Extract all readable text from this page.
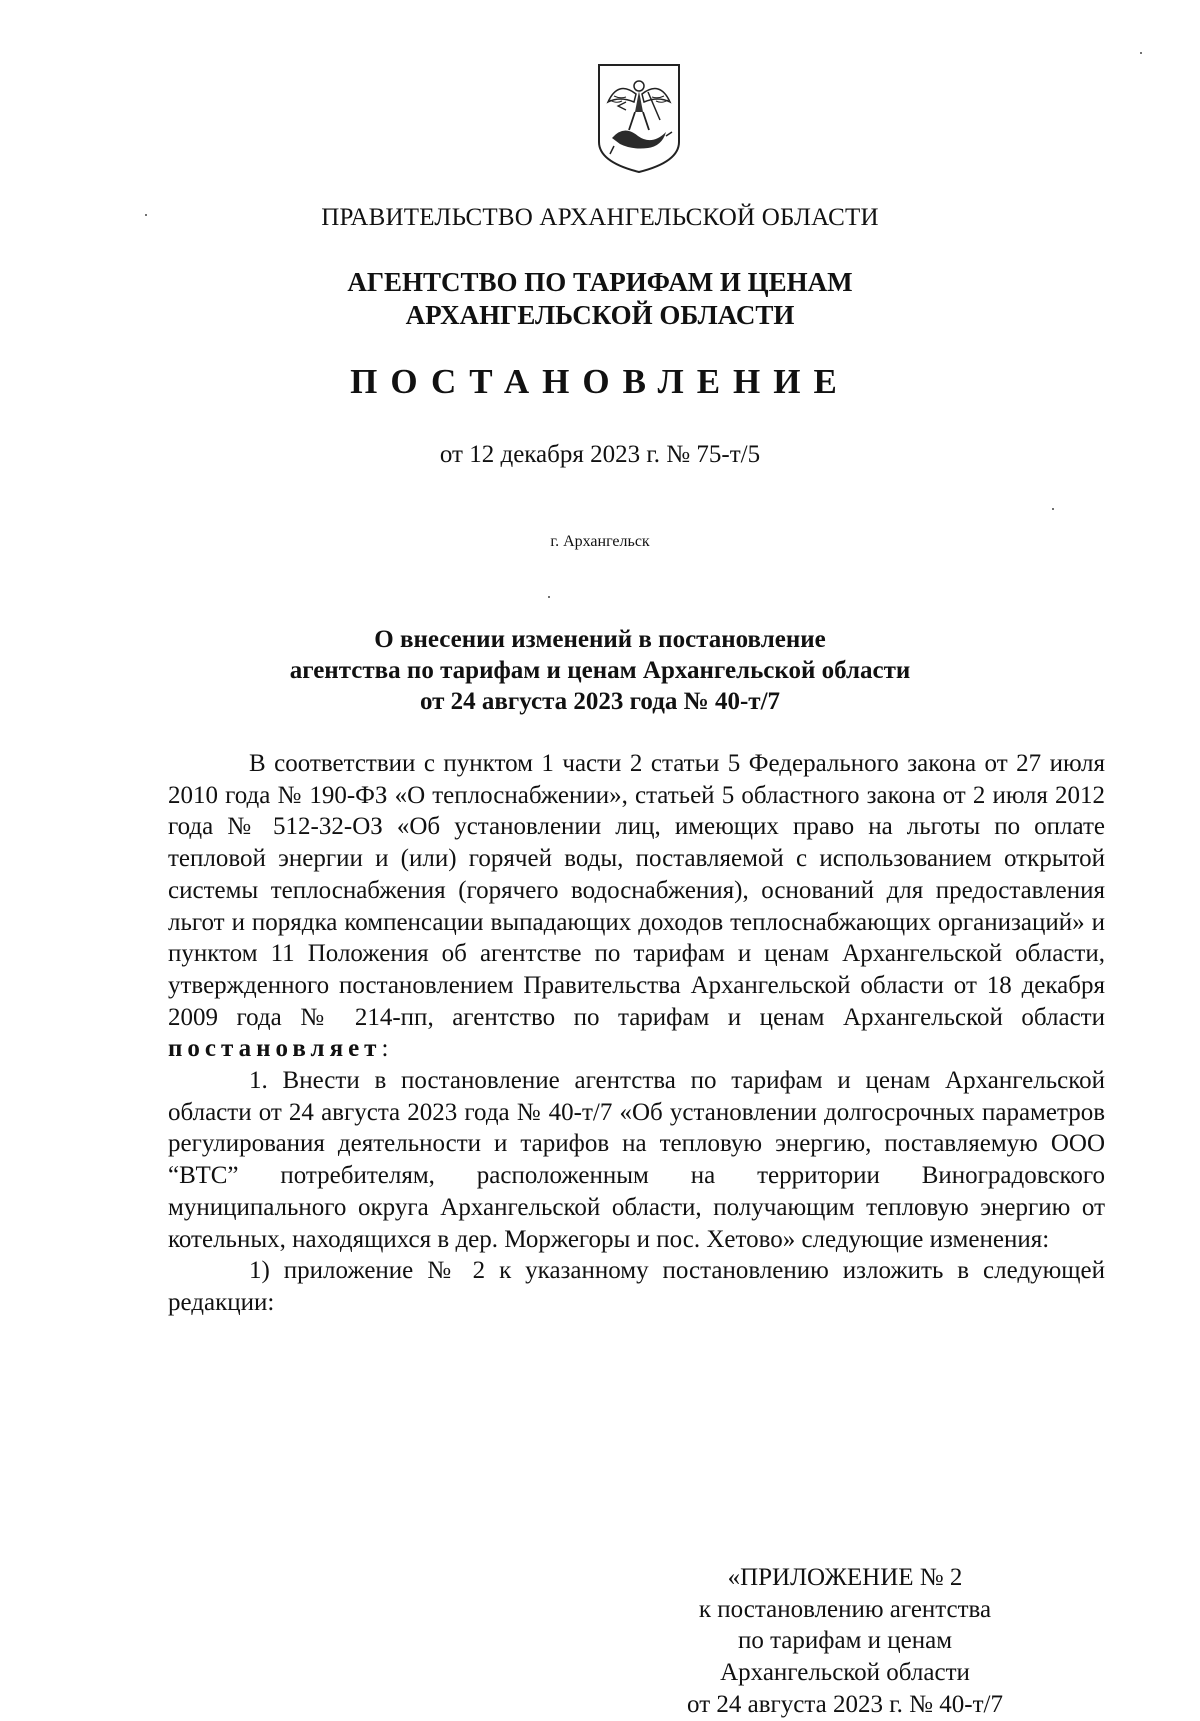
ПРАВИТЕЛЬСТВО АРХАНГЕЛЬСКОЙ ОБЛАСТИ
АГЕНТСТВО ПО ТАРИФАМ И ЦЕНАМ
АРХАНГЕЛЬСКОЙ ОБЛАСТИ
ПОСТАНОВЛЕНИЕ
от 12 декабря 2023 г. № 75-т/5
г. Архангельск
О внесении изменений в постановление
агентства по тарифам и ценам Архангельской области
от 24 августа 2023 года № 40-т/7

В соответствии с пунктом 1 части 2 статьи 5 Федерального закона от 27 июля 2010 года № 190-ФЗ «О теплоснабжении», статьей 5 областного закона от 2 июля 2012 года № 512-32-ОЗ «Об установлении лиц, имеющих право на льготы по оплате тепловой энергии и (или) горячей воды, поставляемой с использованием открытой системы теплоснабжения (горячего водоснабжения), оснований для предоставления льгот и порядка компенсации выпадающих доходов теплоснабжающих организаций» и пунктом 11 Положения об агентстве по тарифам и ценам Архангельской области, утвержденного постановлением Правительства Архангельской области от 18 декабря 2009 года № 214-пп, агентство по тарифам и ценам Архангельской области постановляет:

1. Внести в постановление агентства по тарифам и ценам Архангельской области от 24 августа 2023 года № 40-т/7 «Об установлении долгосрочных параметров регулирования деятельности и тарифов на тепловую энергию, поставляемую ООО “ВТС” потребителям, расположенным на территории Виноградовского муниципального округа Архангельской области, получающим тепловую энергию от котельных, находящихся в дер. Моржегоры и пос. Хетово» следующие изменения:

1) приложение № 2 к указанному постановлению изложить в следующей редакции:

«ПРИЛОЖЕНИЕ № 2
к постановлению агентства
по тарифам и ценам
Архангельской области
от 24 августа 2023 г. № 40-т/7
